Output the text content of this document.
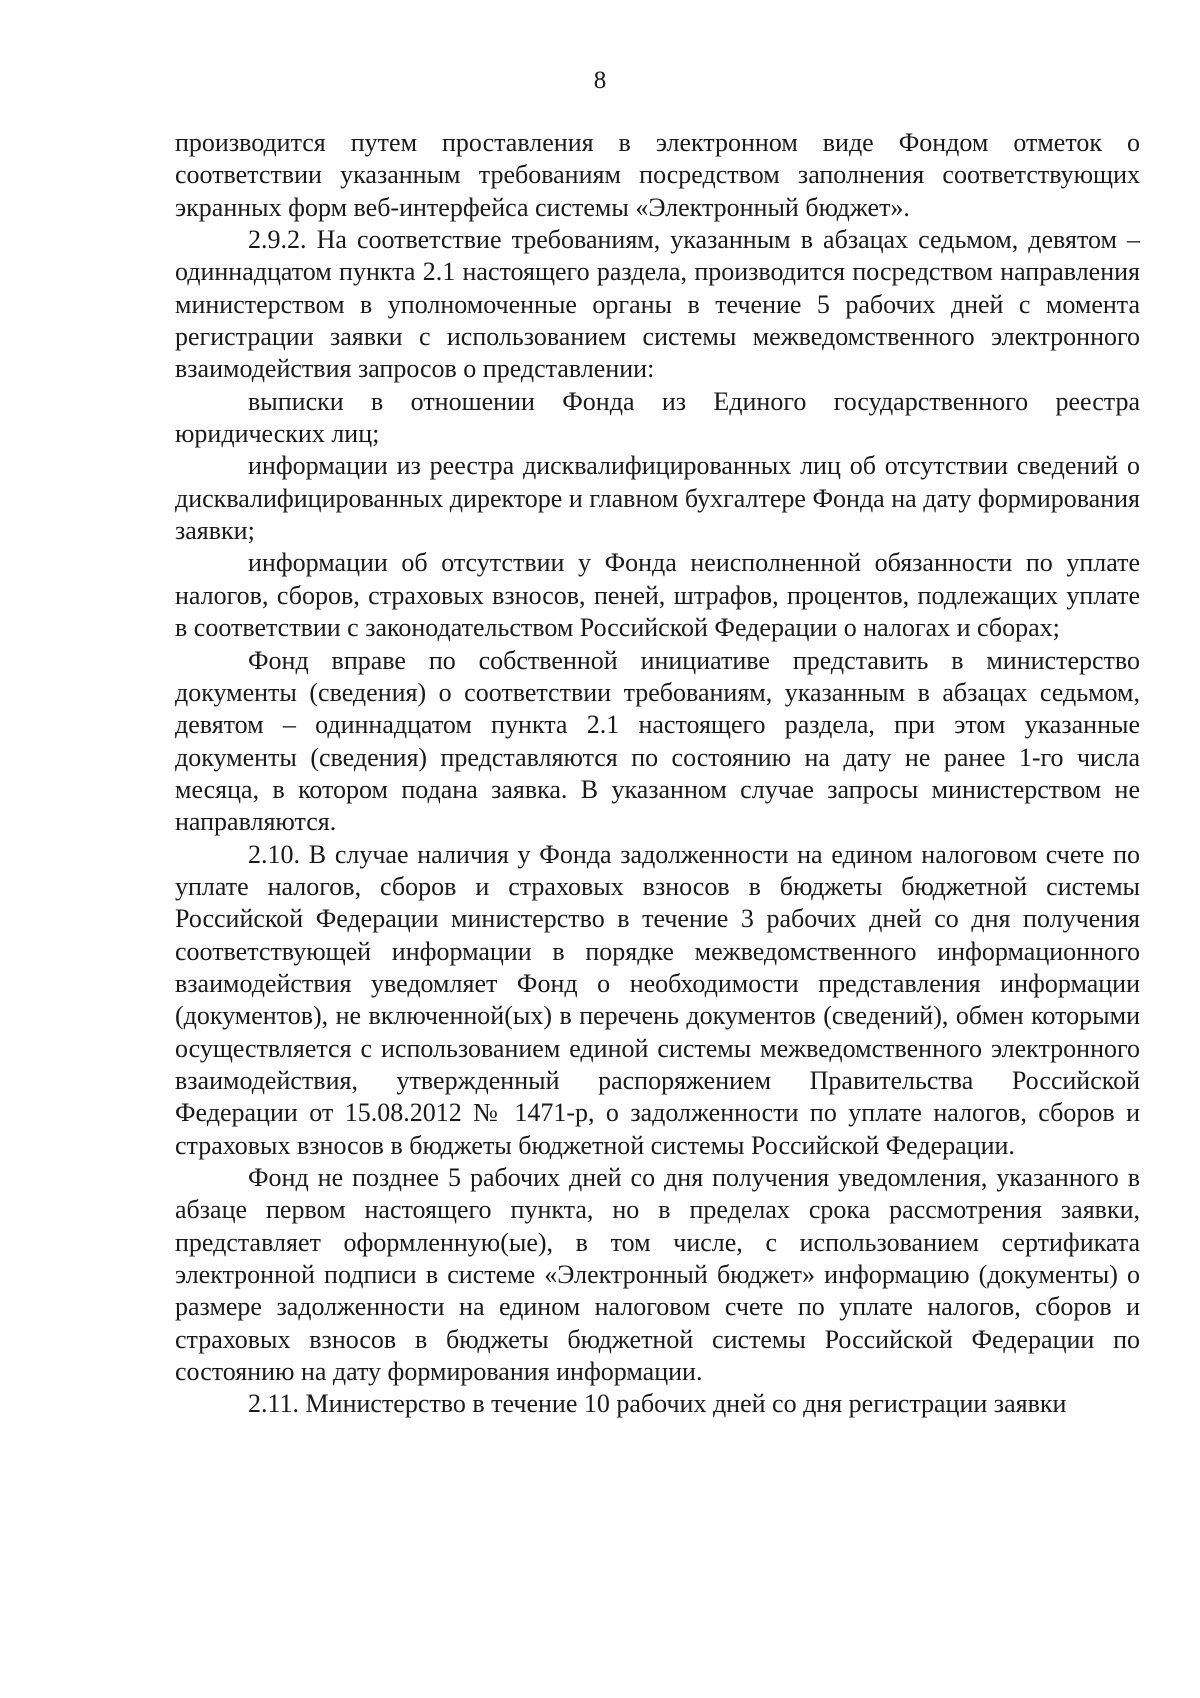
8

производится путем проставления в электронном виде Фондом отметок о соответствии указанным требованиям посредством заполнения соответствующих экранных форм веб-интерфейса системы «Электронный бюджет».

2.9.2. На соответствие требованиям, указанным в абзацах седьмом, девятом – одиннадцатом пункта 2.1 настоящего раздела, производится посредством направления министерством в уполномоченные органы в течение 5 рабочих дней с момента регистрации заявки с использованием системы межведомственного электронного взаимодействия запросов о представлении:

выписки в отношении Фонда из Единого государственного реестра юридических лиц;

информации из реестра дисквалифицированных лиц об отсутствии сведений о дисквалифицированных директоре и главном бухгалтере Фонда на дату формирования заявки;

информации об отсутствии у Фонда неисполненной обязанности по уплате налогов, сборов, страховых взносов, пеней, штрафов, процентов, подлежащих уплате в соответствии с законодательством Российской Федерации о налогах и сборах;

Фонд вправе по собственной инициативе представить в министерство документы (сведения) о соответствии требованиям, указанным в абзацах седьмом, девятом – одиннадцатом пункта 2.1 настоящего раздела, при этом указанные документы (сведения) представляются по состоянию на дату не ранее 1-го числа месяца, в котором подана заявка. В указанном случае запросы министерством не направляются.

2.10. В случае наличия у Фонда задолженности на едином налоговом счете по уплате налогов, сборов и страховых взносов в бюджеты бюджетной системы Российской Федерации министерство в течение 3 рабочих дней со дня получения соответствующей информации в порядке межведомственного информационного взаимодействия уведомляет Фонд о необходимости представления информации (документов), не включенной(ых) в перечень документов (сведений), обмен которыми осуществляется с использованием единой системы межведомственного электронного взаимодействия, утвержденный распоряжением Правительства Российской Федерации от 15.08.2012 № 1471-р, о задолженности по уплате налогов, сборов и страховых взносов в бюджеты бюджетной системы Российской Федерации.

Фонд не позднее 5 рабочих дней со дня получения уведомления, указанного в абзаце первом настоящего пункта, но в пределах срока рассмотрения заявки, представляет оформленную(ые), в том числе, с использованием сертификата электронной подписи в системе «Электронный бюджет» информацию (документы) о размере задолженности на едином налоговом счете по уплате налогов, сборов и страховых взносов в бюджеты бюджетной системы Российской Федерации по состоянию на дату формирования информации.

2.11. Министерство в течение 10 рабочих дней со дня регистрации заявки
